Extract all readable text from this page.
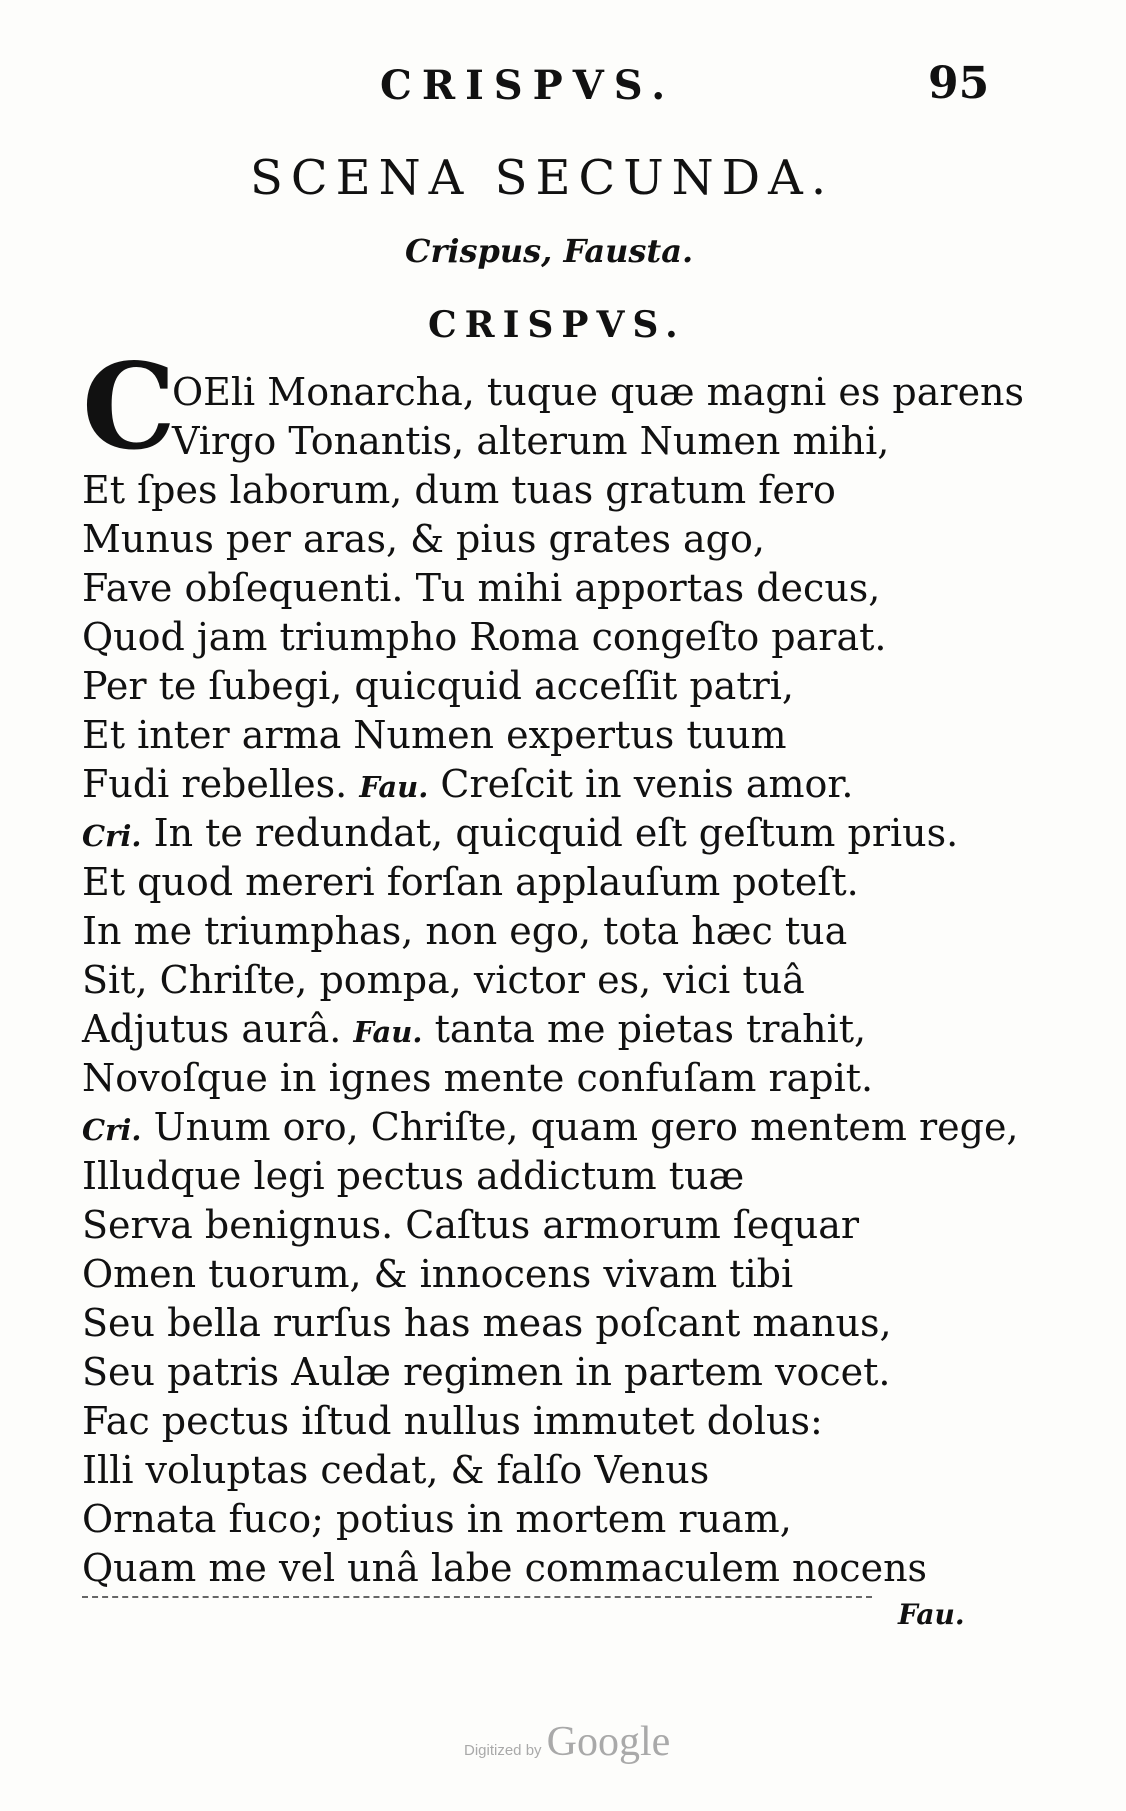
CRISPVS.	95
SCENA SECUNDA.
Crispus, Fausta.
CRISPVS.
C
OEli Monarcha, tuque quæ magni es parens
Virgo Tonantis, alterum Numen mihi,
Et ſpes laborum, dum tuas gratum fero
Munus per aras, & pius grates ago,
Fave obſequenti. Tu mihi apportas decus,
Quod jam triumpho Roma congeſto parat.
Per te ſubegi, quicquid acceſſit patri,
Et inter arma Numen expertus tuum
Fudi rebelles. Fau. Creſcit in venis amor.
Cri. In te redundat, quicquid eſt geſtum prius.
Et quod mereri forſan applauſum poteſt.
In me triumphas, non ego, tota hæc tua
Sit, Chriſte, pompa, victor es, vici tuâ
Adjutus aurâ. Fau. tanta me pietas trahit,
Novoſque in ignes mente confuſam rapit.
Cri. Unum oro, Chriſte, quam gero mentem rege,
Illudque legi pectus addictum tuæ
Serva benignus. Caſtus armorum ſequar
Omen tuorum, & innocens vivam tibi
Seu bella rurſus has meas poſcant manus,
Seu patris Aulæ regimen in partem vocet.
Fac pectus iſtud nullus immutet dolus:
Illi voluptas cedat, & falſo Venus
Ornata fuco; potius in mortem ruam,
Quam me vel unâ labe commaculem nocens
Fau.
Digitized by Google
